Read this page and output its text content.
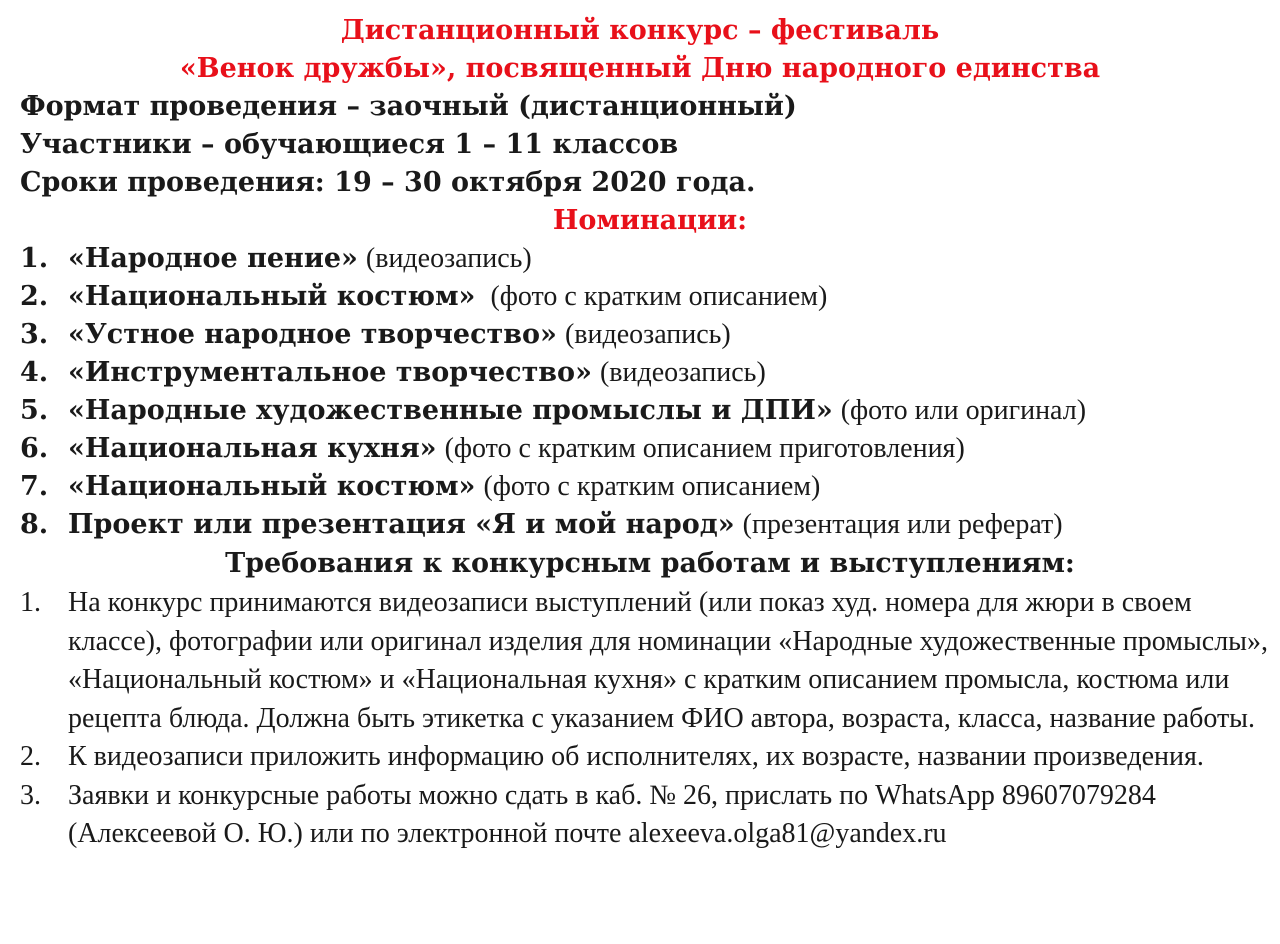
Дистанционный конкурс – фестиваль
«Венок дружбы», посвященный Дню народного единства
Формат проведения – заочный (дистанционный)
Участники – обучающиеся 1 – 11 классов
Сроки проведения: 19 – 30 октября 2020 года.
Номинации:
1. «Народное пение» (видеозапись)
2. «Национальный костюм» (фото с кратким описанием)
3. «Устное народное творчество» (видеозапись)
4. «Инструментальное творчество» (видеозапись)
5. «Народные художественные промыслы и ДПИ» (фото или оригинал)
6. «Национальная кухня» (фото с кратким описанием приготовления)
7. «Национальный костюм» (фото с кратким описанием)
8. Проект или презентация «Я и мой народ» (презентация или реферат)
Требования к конкурсным работам и выступлениям:
1. На конкурс принимаются видеозаписи выступлений (или показ худ. номера для жюри в своем классе), фотографии или оригинал изделия для номинации «Народные художественные промыслы», «Национальный костюм» и «Национальная кухня» с кратким описанием промысла, костюма или рецепта блюда. Должна быть этикетка с указанием ФИО автора, возраста, класса, название работы.
2. К видеозаписи приложить информацию об исполнителях, их возрасте, названии произведения.
3. Заявки и конкурсные работы можно сдать в каб. № 26, прислать по WhatsApp 89607079284 (Алексеевой О. Ю.) или по электронной почте alexeeva.olga81@yandex.ru
